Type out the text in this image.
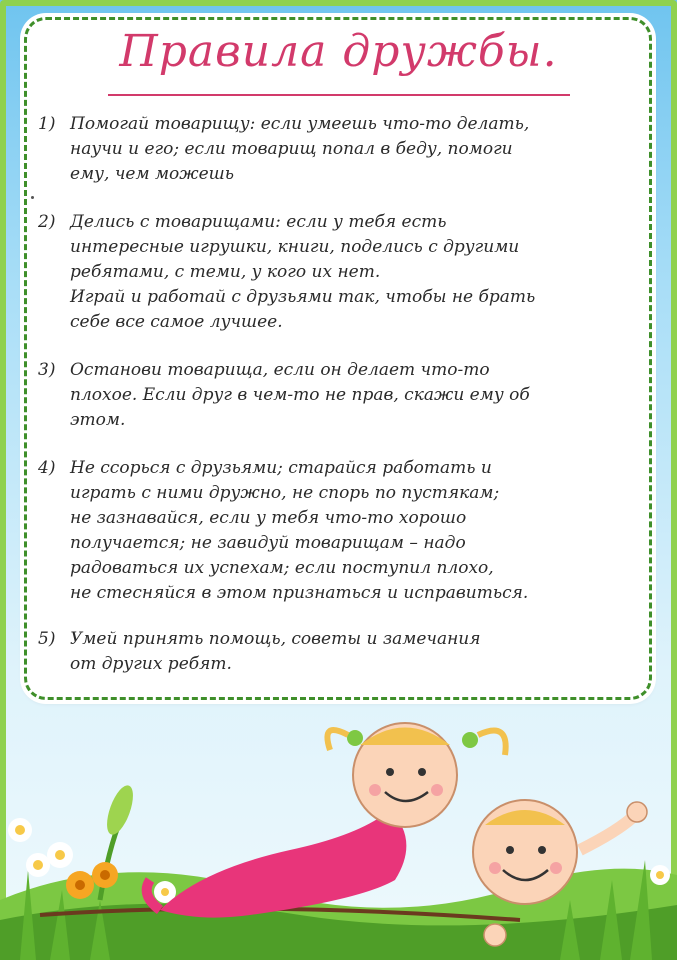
Правила дружбы.
1) Помогай товарищу: если умеешь что-то делать,
научи и его; если товарищ попал в беду, помоги
ему, чем можешь
2) Делись с товарищами: если у тебя есть
интересные игрушки, книги, поделись с другими
ребятами, с теми, у кого их нет.
Играй и работай с друзьями так, чтобы не брать
себе все самое лучшее.
3) Останови товарища, если он делает что-то
плохое. Если друг в чем-то не прав, скажи ему об
этом.
4) Не ссорься с друзьями; старайся работать и
играть с ними дружно, не спорь по пустякам;
не зазнавайся, если у тебя что-то хорошо
получается; не завидуй товарищам – надо
радоваться их успехам; если поступил плохо,
не стесняйся в этом признаться и исправиться.
5) Умей принять помощь, советы и замечания
от других ребят.
